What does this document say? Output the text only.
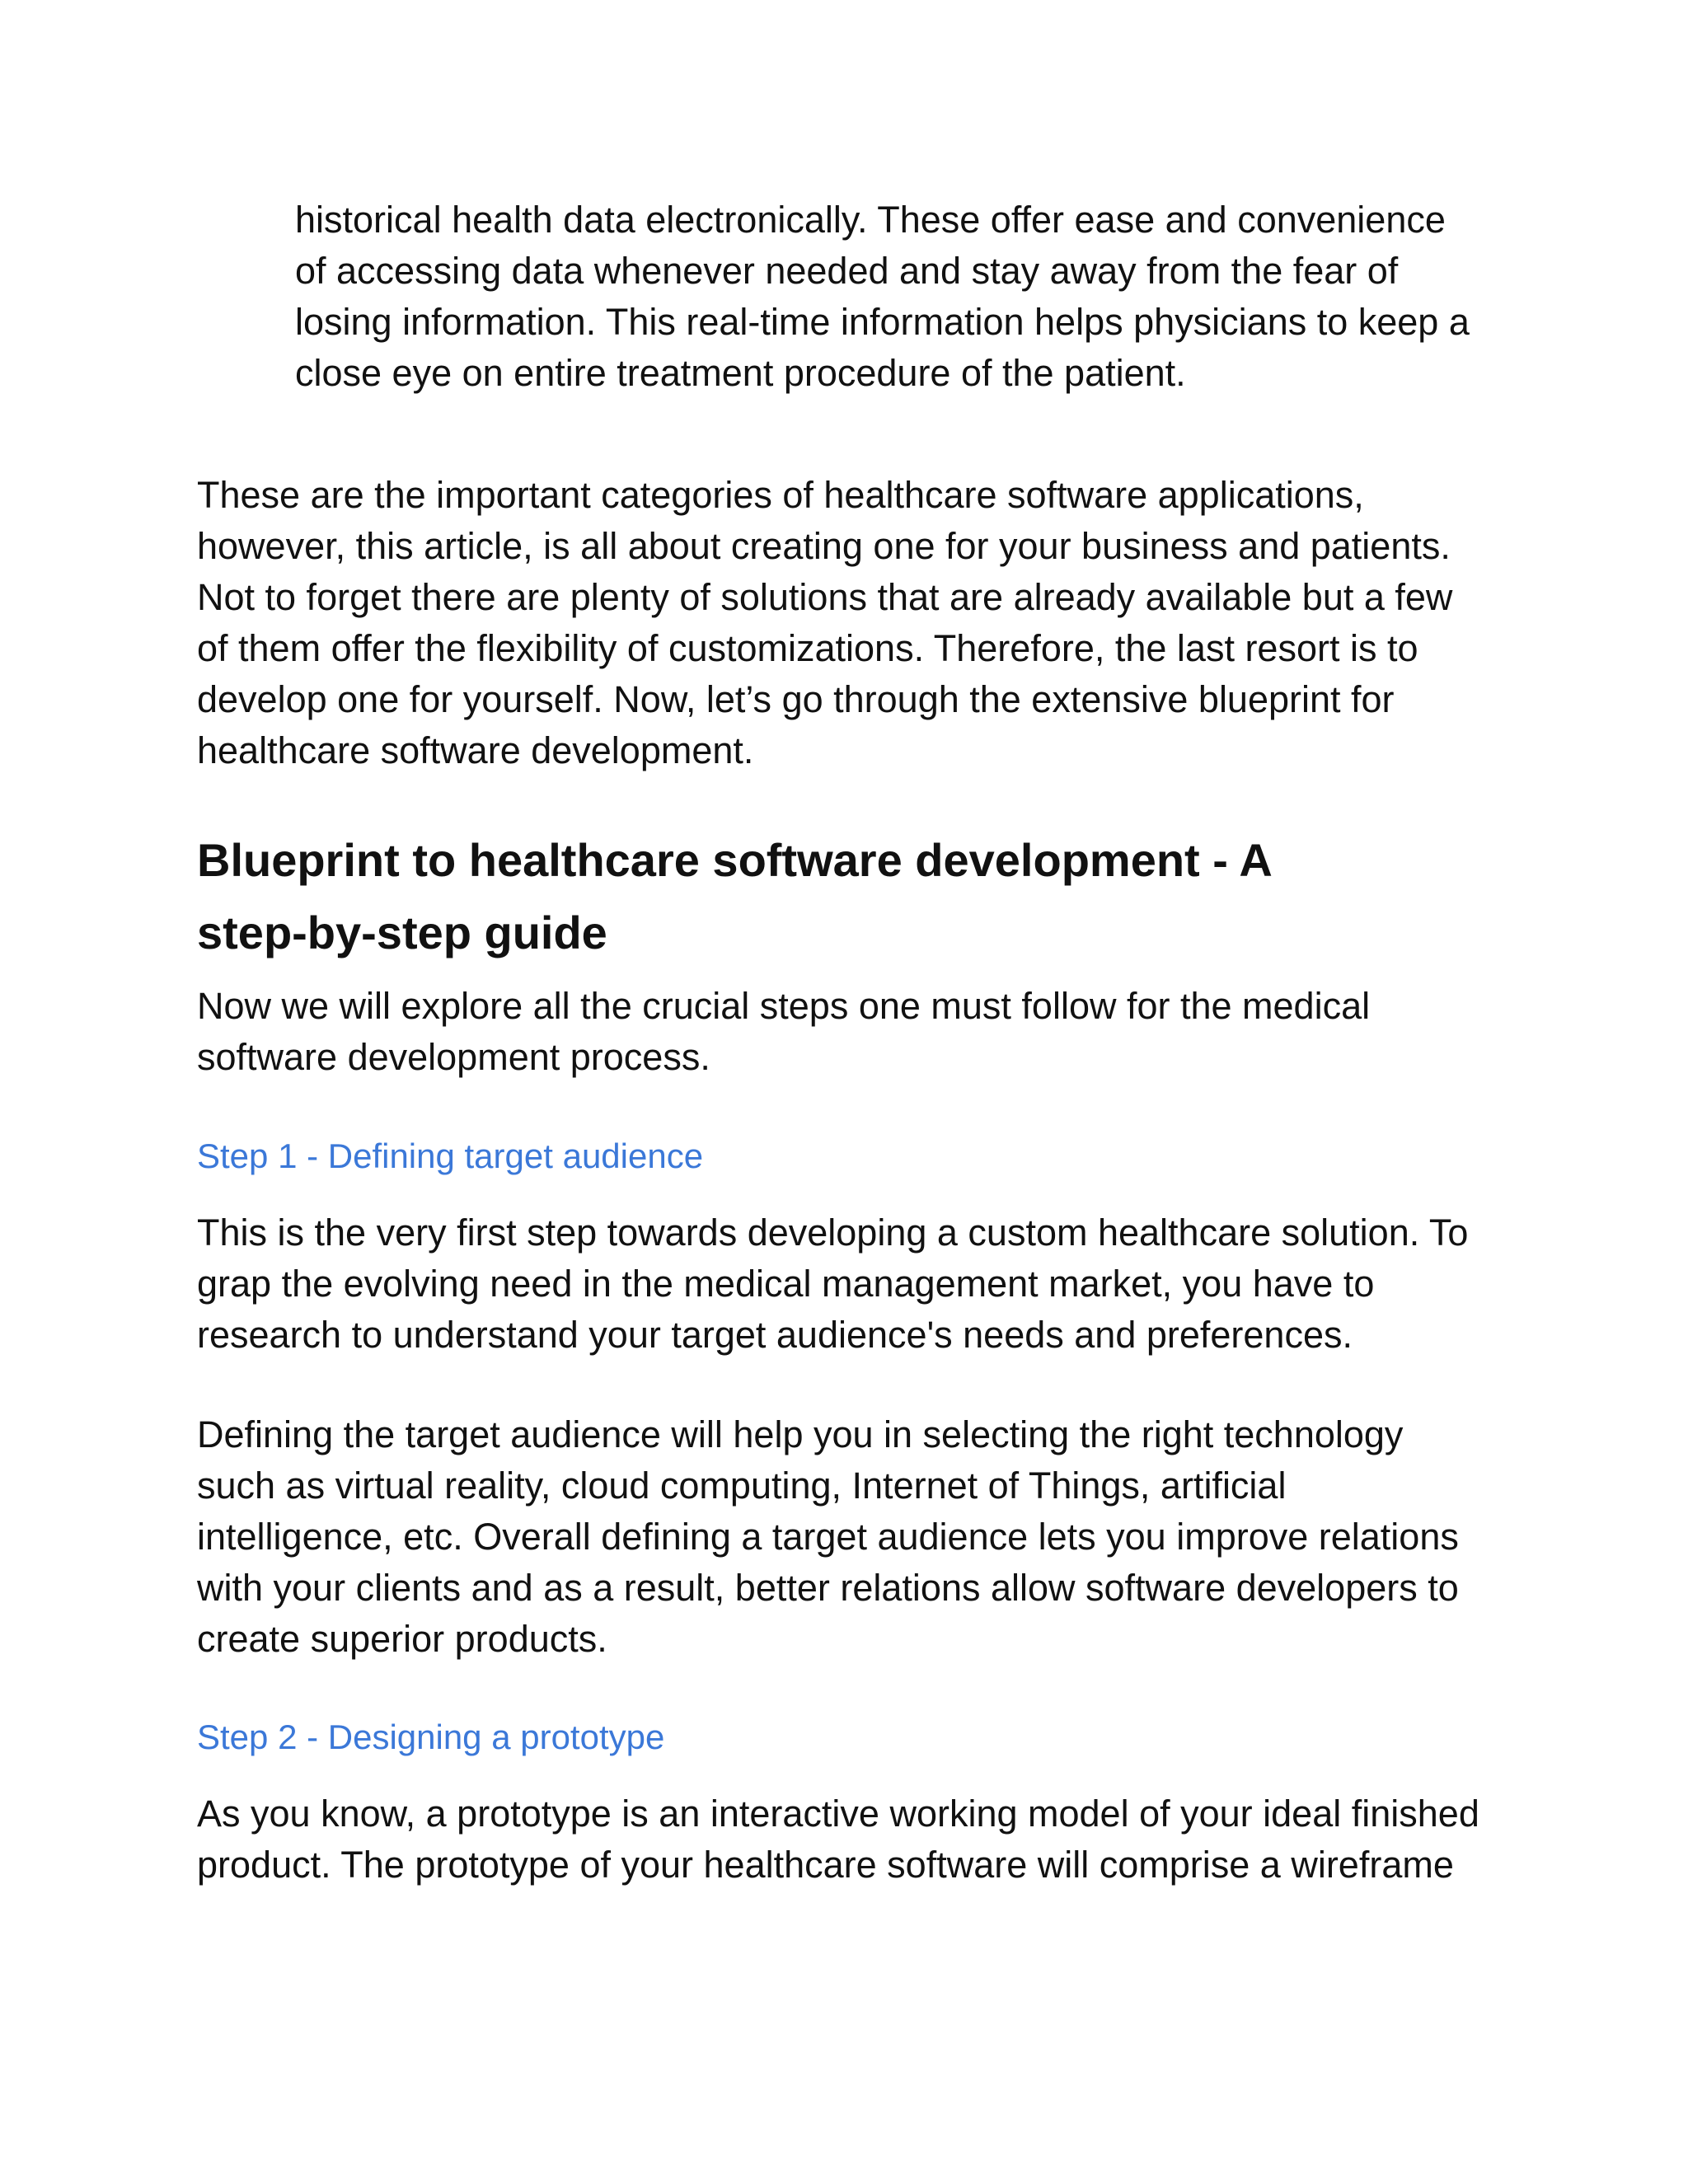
historical health data electronically. These offer ease and convenience
of accessing data whenever needed and stay away from the fear of
losing information. This real-time information helps physicians to keep a
close eye on entire treatment procedure of the patient.

These are the important categories of healthcare software applications,
however, this article, is all about creating one for your business and patients.
Not to forget there are plenty of solutions that are already available but a few
of them offer the flexibility of customizations. Therefore, the last resort is to
develop one for yourself. Now, let’s go through the extensive blueprint for
healthcare software development.

Blueprint to healthcare software development - A
step-by-step guide

Now we will explore all the crucial steps one must follow for the medical
software development process.

Step 1 - Defining target audience

This is the very first step towards developing a custom healthcare solution. To
grap the evolving need in the medical management market, you have to
research to understand your target audience's needs and preferences.

Defining the target audience will help you in selecting the right technology
such as virtual reality, cloud computing, Internet of Things, artificial
intelligence, etc. Overall defining a target audience lets you improve relations
with your clients and as a result, better relations allow software developers to
create superior products.

Step 2 - Designing a prototype

As you know, a prototype is an interactive working model of your ideal finished
product. The prototype of your healthcare software will comprise a wireframe
